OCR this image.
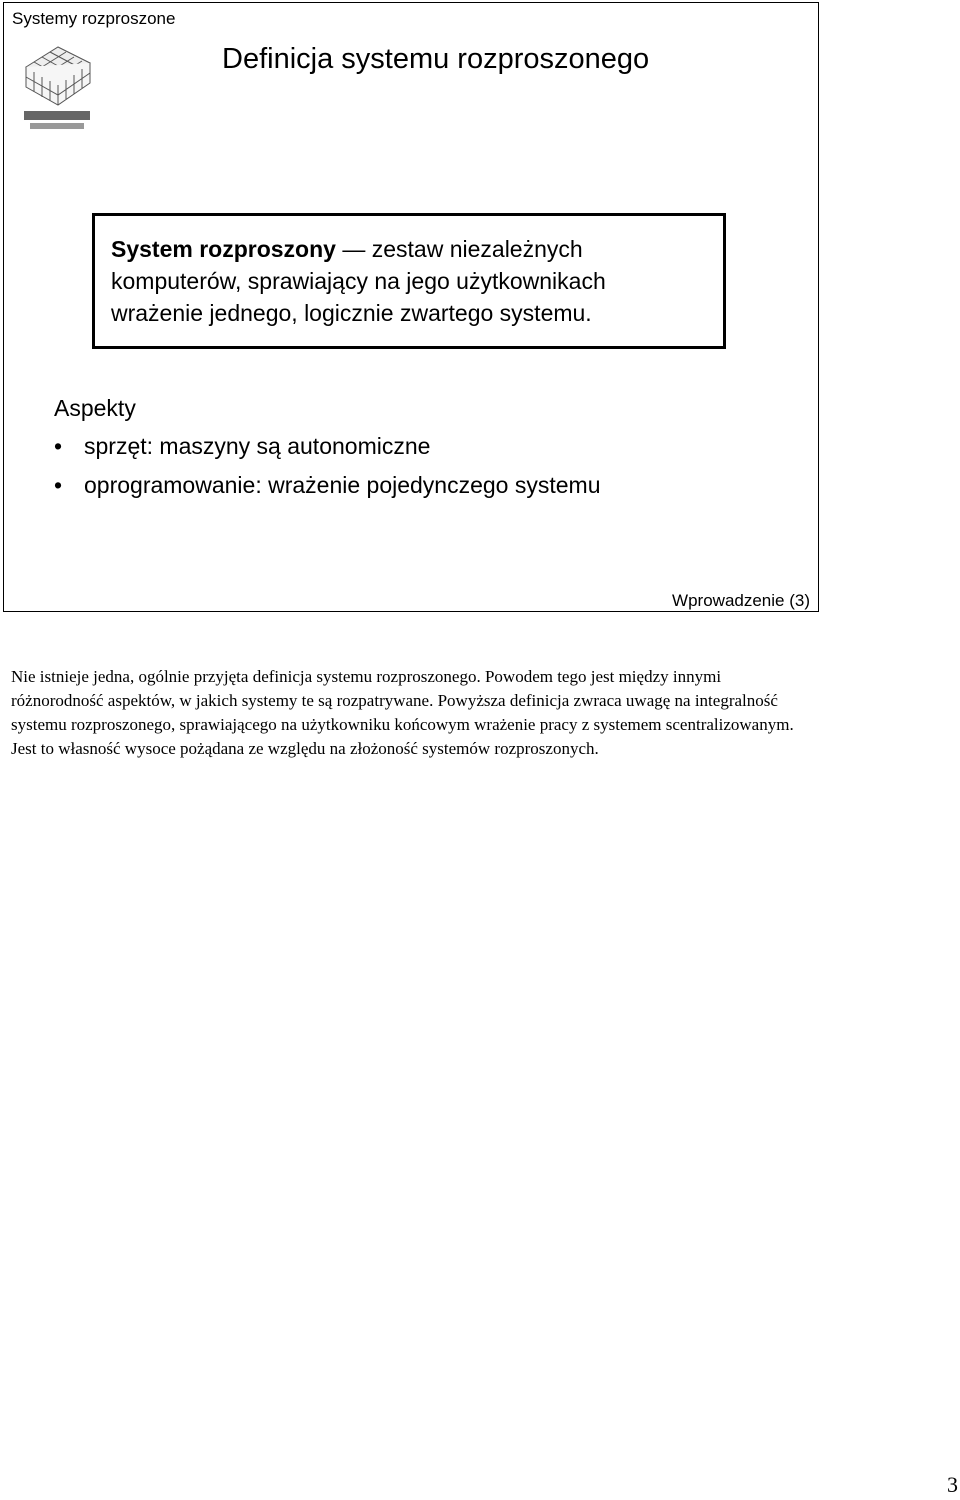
Systemy rozproszone
Definicja systemu rozproszonego
System rozproszony — zestaw niezależnych
komputerów, sprawiający na jego użytkownikach
wrażenie jednego, logicznie zwartego systemu.
Aspekty
• sprzęt: maszyny są autonomiczne
• oprogramowanie: wrażenie pojedynczego systemu
Wprowadzenie (3)

Nie istnieje jedna, ogólnie przyjęta definicja systemu rozproszonego. Powodem tego jest między innymi różnorodność aspektów, w jakich systemy te są rozpatrywane. Powyższa definicja zwraca uwagę na integralność systemu rozproszonego, sprawiającego na użytkowniku końcowym wrażenie pracy z systemem scentralizowanym. Jest to własność wysoce pożądana ze względu na złożoność systemów rozproszonych.

3
